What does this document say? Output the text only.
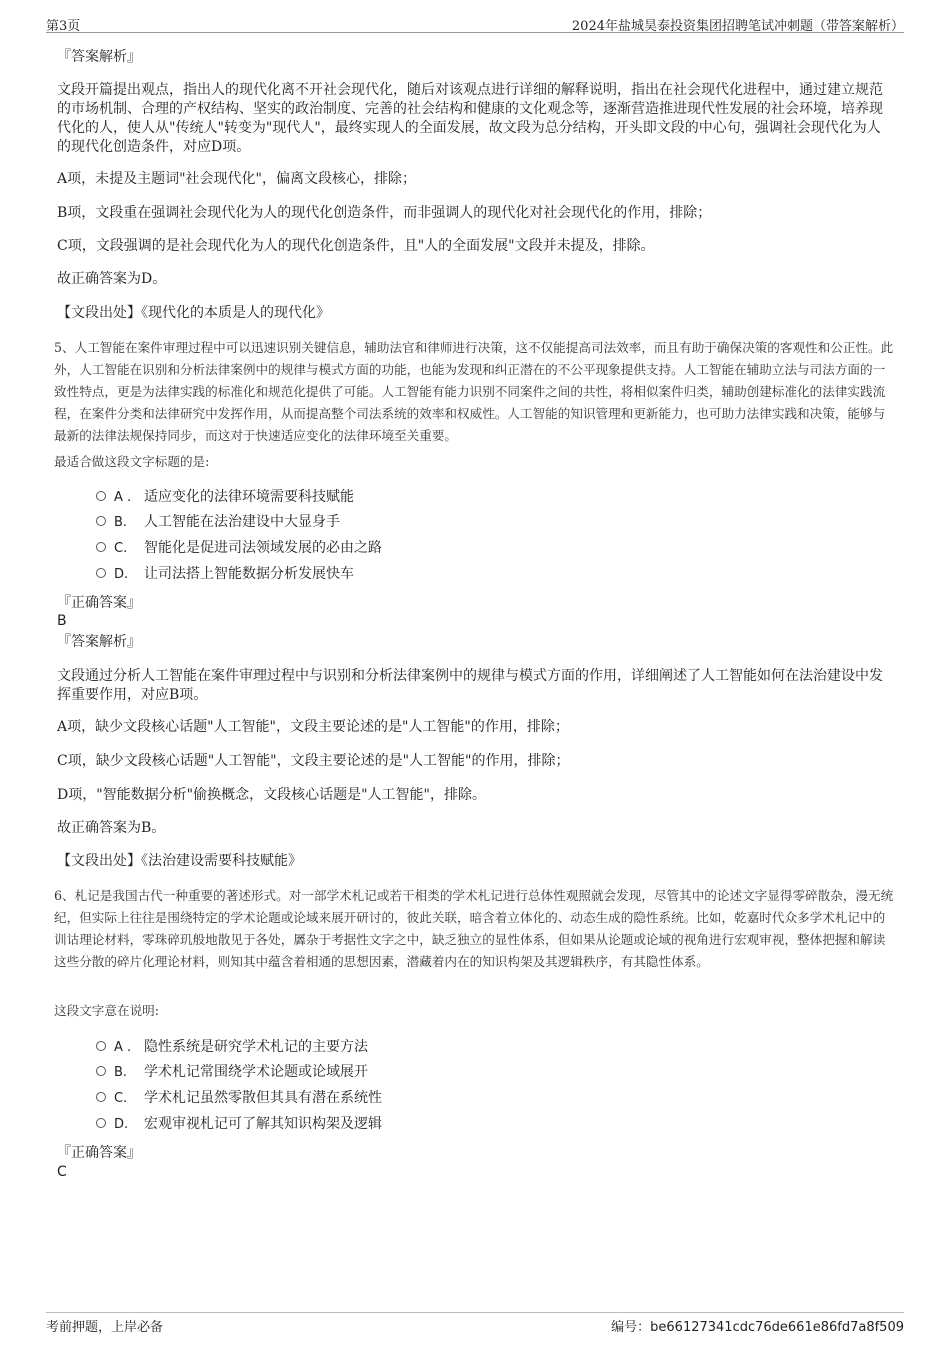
第3页	2024年盐城昊泰投资集团招聘笔试冲刺题（带答案解析）

『答案解析』

文段开篇提出观点，指出人的现代化离不开社会现代化，随后对该观点进行详细的解释说明，指出在社会现代化进程中，通过建立规范的市场机制、合理的产权结构、坚实的政治制度、完善的社会结构和健康的文化观念等，逐渐营造推进现代性发展的社会环境，培养现代化的人，使人从"传统人"转变为"现代人"，最终实现人的全面发展，故文段为总分结构，开头即文段的中心句，强调社会现代化为人的现代化创造条件，对应D项。

A项，未提及主题词"社会现代化"，偏离文段核心，排除；

B项，文段重在强调社会现代化为人的现代化创造条件，而非强调人的现代化对社会现代化的作用，排除；

C项，文段强调的是社会现代化为人的现代化创造条件，且"人的全面发展"文段并未提及，排除。

故正确答案为D。

【文段出处】《现代化的本质是人的现代化》

5、人工智能在案件审理过程中可以迅速识别关键信息，辅助法官和律师进行决策，这不仅能提高司法效率，而且有助于确保决策的客观性和公正性。此外，人工智能在识别和分析法律案例中的规律与模式方面的功能，也能为发现和纠正潜在的不公平现象提供支持。人工智能在辅助立法与司法方面的一致性特点，更是为法律实践的标准化和规范化提供了可能。人工智能有能力识别不同案件之间的共性，将相似案件归类，辅助创建标准化的法律实践流程，在案件分类和法律研究中发挥作用，从而提高整个司法系统的效率和权威性。人工智能的知识管理和更新能力，也可助力法律实践和决策，能够与最新的法律法规保持同步，而这对于快速适应变化的法律环境至关重要。

最适合做这段文字标题的是:

A . 适应变化的法律环境需要科技赋能
B. 人工智能在法治建设中大显身手
C. 智能化是促进司法领域发展的必由之路
D. 让司法搭上智能数据分析发展快车

『正确答案』

B

『答案解析』

文段通过分析人工智能在案件审理过程中与识别和分析法律案例中的规律与模式方面的作用，详细阐述了人工智能如何在法治建设中发挥重要作用，对应B项。

A项，缺少文段核心话题"人工智能"，文段主要论述的是"人工智能"的作用，排除；

C项，缺少文段核心话题"人工智能"，文段主要论述的是"人工智能"的作用，排除；

D项，"智能数据分析"偷换概念，文段核心话题是"人工智能"，排除。

故正确答案为B。

【文段出处】《法治建设需要科技赋能》

6、札记是我国古代一种重要的著述形式。对一部学术札记或若干相类的学术札记进行总体性观照就会发现，尽管其中的论述文字显得零碎散杂，漫无统纪，但实际上往往是围绕特定的学术论题或论域来展开研讨的，彼此关联，暗含着立体化的、动态生成的隐性系统。比如，乾嘉时代众多学术札记中的训诂理论材料，零珠碎玑般地散见于各处，羼杂于考据性文字之中，缺乏独立的显性体系，但如果从论题或论域的视角进行宏观审视，整体把握和解读这些分散的碎片化理论材料，则知其中蕴含着相通的思想因素，潜藏着内在的知识构架及其逻辑秩序，有其隐性体系。

这段文字意在说明:

A . 隐性系统是研究学术札记的主要方法
B. 学术札记常围绕学术论题或论域展开
C. 学术札记虽然零散但其具有潜在系统性
D. 宏观审视札记可了解其知识构架及逻辑

『正确答案』

C
考前押题，上岸必备	编号：be66127341cdc76de661e86fd7a8f509
